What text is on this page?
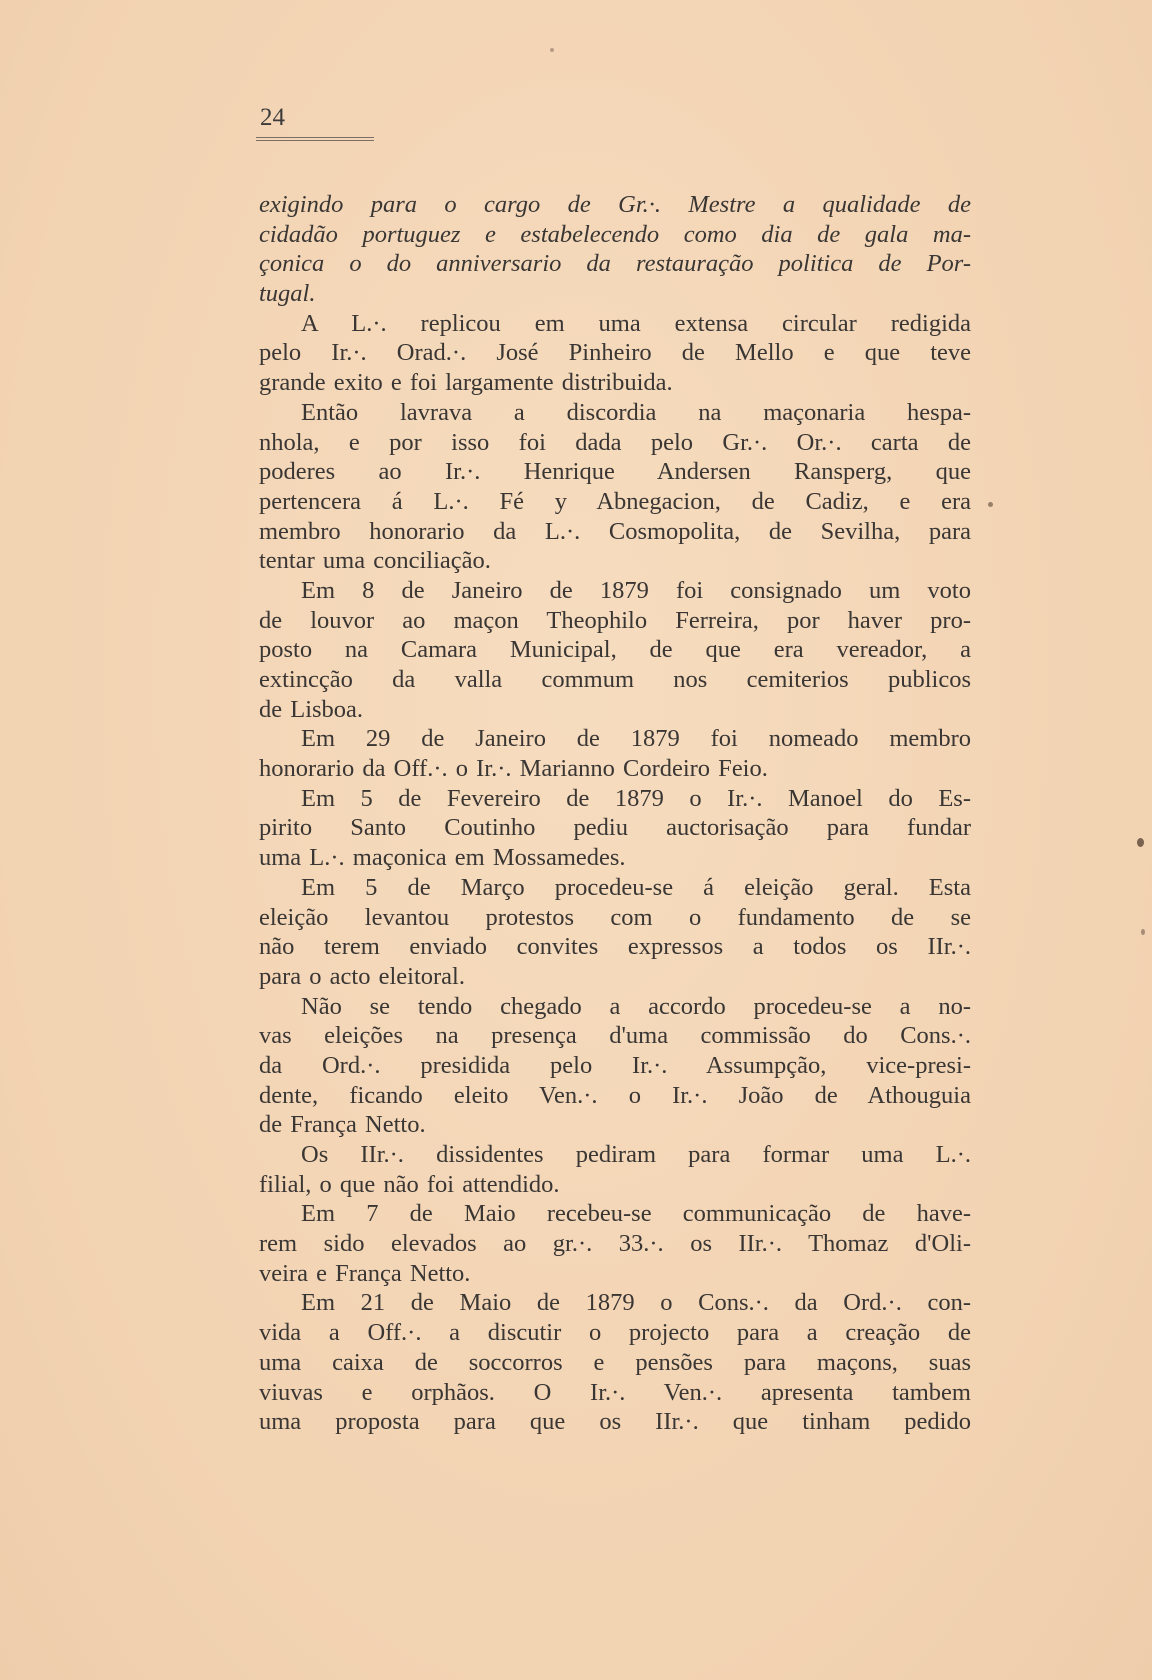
24
exigindo para o cargo de Gr.·. Mestre a qualidade de
cidadão portuguez e estabelecendo como dia de gala ma-
çonica o do anniversario da restauração politica de Por-
tugal.
A L.·. replicou em uma extensa circular redigida
pelo Ir.·. Orad.·. José Pinheiro de Mello e que teve
grande exito e foi largamente distribuida.
Então lavrava a discordia na maçonaria hespa-
nhola, e por isso foi dada pelo Gr.·. Or.·. carta de
poderes ao Ir.·. Henrique Andersen Ransperg, que
pertencera á L.·. Fé y Abnegacion, de Cadiz, e era
membro honorario da L.·. Cosmopolita, de Sevilha, para
tentar uma conciliação.
Em 8 de Janeiro de 1879 foi consignado um voto
de louvor ao maçon Theophilo Ferreira, por haver pro-
posto na Camara Municipal, de que era vereador, a
extincção da valla commum nos cemiterios publicos
de Lisboa.
Em 29 de Janeiro de 1879 foi nomeado membro
honorario da Off.·. o Ir.·. Marianno Cordeiro Feio.
Em 5 de Fevereiro de 1879 o Ir.·. Manoel do Es-
pirito Santo Coutinho pediu auctorisação para fundar
uma L.·. maçonica em Mossamedes.
Em 5 de Março procedeu-se á eleição geral. Esta
eleição levantou protestos com o fundamento de se
não terem enviado convites expressos a todos os IIr.·.
para o acto eleitoral.
Não se tendo chegado a accordo procedeu-se a no-
vas eleições na presença d'uma commissão do Cons.·.
da Ord.·. presidida pelo Ir.·. Assumpção, vice-presi-
dente, ficando eleito Ven.·. o Ir.·. João de Athouguia
de França Netto.
Os IIr.·. dissidentes pediram para formar uma L.·.
filial, o que não foi attendido.
Em 7 de Maio recebeu-se communicação de have-
rem sido elevados ao gr.·. 33.·. os IIr.·. Thomaz d'Oli-
veira e França Netto.
Em 21 de Maio de 1879 o Cons.·. da Ord.·. con-
vida a Off.·. a discutir o projecto para a creação de
uma caixa de soccorros e pensões para maçons, suas
viuvas e orphãos. O Ir.·. Ven.·. apresenta tambem
uma proposta para que os IIr.·. que tinham pedido
